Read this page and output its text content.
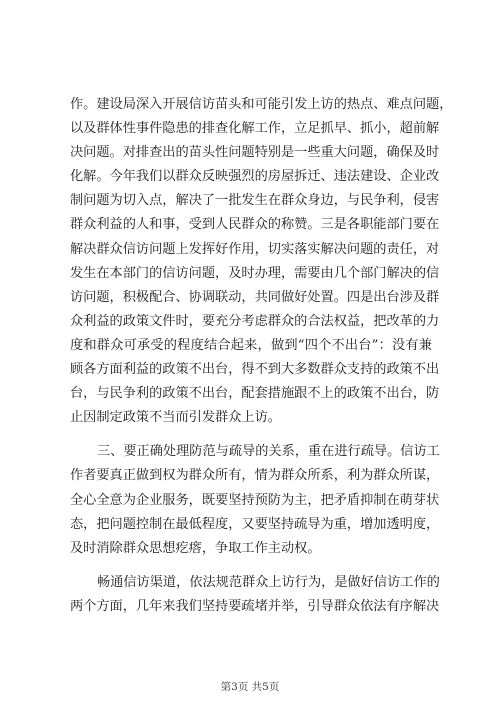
作。建设局深入开展信访苗头和可能引发上访的热点、难点问题，
以及群体性事件隐患的排查化解工作，立足抓早、抓小，超前解
决问题。对排查出的苗头性问题特别是一些重大问题，确保及时
化解。今年我们以群众反映强烈的房屋拆迁、违法建设、企业改
制问题为切入点，解决了一批发生在群众身边，与民争利，侵害
群众利益的人和事，受到人民群众的称赞。三是各职能部门要在
解决群众信访问题上发挥好作用，切实落实解决问题的责任，对
发生在本部门的信访问题，及时办理，需要由几个部门解决的信
访问题，积极配合、协调联动，共同做好处置。四是出台涉及群
众利益的政策文件时，要充分考虑群众的合法权益，把改革的力
度和群众可承受的程度结合起来，做到“四个不出台”：没有兼
顾各方面利益的政策不出台，得不到大多数群众支持的政策不出
台，与民争利的政策不出台，配套措施跟不上的政策不出台，防
止因制定政策不当而引发群众上访。
三、要正确处理防范与疏导的关系，重在进行疏导。信访工
作者要真正做到权为群众所有，情为群众所系，利为群众所谋，
全心全意为企业服务，既要坚持预防为主，把矛盾抑制在萌芽状
态，把问题控制在最低程度，又要坚持疏导为重，增加透明度，
及时消除群众思想疙瘩，争取工作主动权。
畅通信访渠道，依法规范群众上访行为，是做好信访工作的
两个方面，几年来我们坚持要疏堵并举，引导群众依法有序解决
第3页 共5页
